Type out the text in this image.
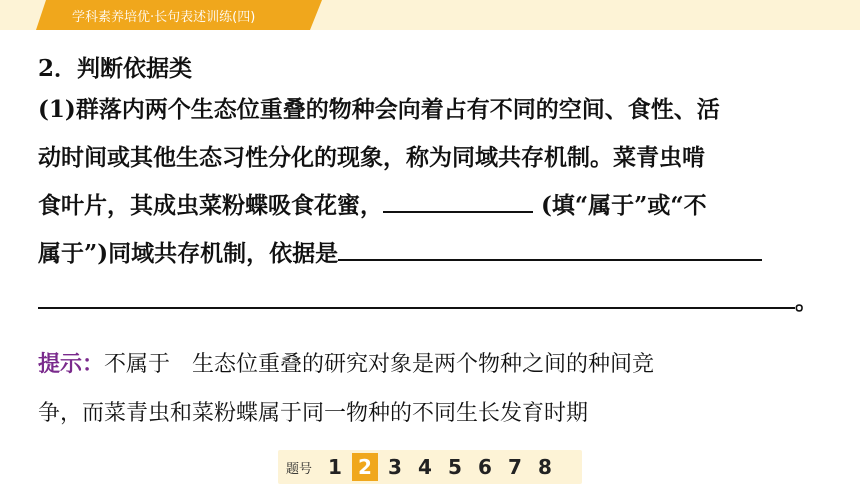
学科素养培优·长句表述训练(四)

2．判断依据类

(1)群落内两个生态位重叠的物种会向着占有不同的空间、食性、活

动时间或其他生态习性分化的现象，称为同域共存机制。菜青虫啃

食叶片，其成虫菜粉蝶吸食花蜜，	(填“属于”或“不

属于”)同域共存机制，依据是

。

提示：不属于 生态位重叠的研究对象是两个物种之间的种间竞
争，而菜青虫和菜粉蝶属于同一物种的不同生长发育时期
题号 1 2 3 4 5 6 7 8
